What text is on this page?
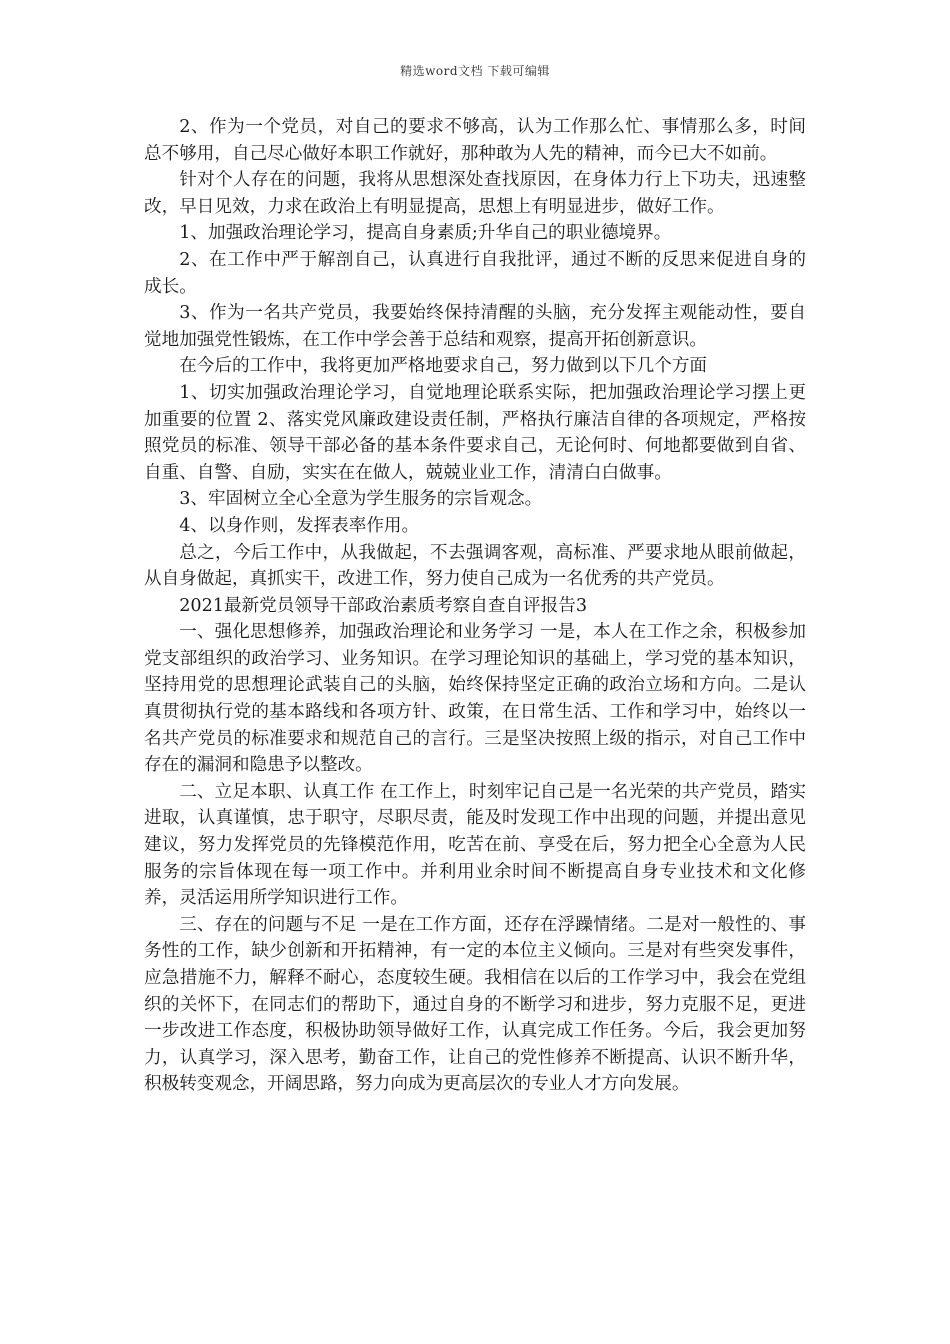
精选word文档 下载可编辑

2、作为一个党员，对自己的要求不够高，认为工作那么忙、事情那么多，时间总不够用，自己尽心做好本职工作就好，那种敢为人先的精神，而今已大不如前。

针对个人存在的问题，我将从思想深处查找原因，在身体力行上下功夫，迅速整改，早日见效，力求在政治上有明显提高，思想上有明显进步，做好工作。

1、加强政治理论学习，提高自身素质;升华自己的职业德境界。

2、在工作中严于解剖自己，认真进行自我批评，通过不断的反思来促进自身的成长。

3、作为一名共产党员，我要始终保持清醒的头脑，充分发挥主观能动性，要自觉地加强党性锻炼，在工作中学会善于总结和观察，提高开拓创新意识。

在今后的工作中，我将更加严格地要求自己，努力做到以下几个方面

1、切实加强政治理论学习，自觉地理论联系实际，把加强政治理论学习摆上更加重要的位置 2、落实党风廉政建设责任制，严格执行廉洁自律的各项规定，严格按照党员的标准、领导干部必备的基本条件要求自己，无论何时、何地都要做到自省、自重、自警、自励，实实在在做人，兢兢业业工作，清清白白做事。

3、牢固树立全心全意为学生服务的宗旨观念。

4、以身作则，发挥表率作用。

总之，今后工作中，从我做起，不去强调客观，高标准、严要求地从眼前做起，从自身做起，真抓实干，改进工作，努力使自己成为一名优秀的共产党员。

2021最新党员领导干部政治素质考察自查自评报告3

一、强化思想修养，加强政治理论和业务学习 一是，本人在工作之余，积极参加党支部组织的政治学习、业务知识。在学习理论知识的基础上，学习党的基本知识，坚持用党的思想理论武装自己的头脑，始终保持坚定正确的政治立场和方向。二是认真贯彻执行党的基本路线和各项方针、政策，在日常生活、工作和学习中，始终以一名共产党员的标准要求和规范自己的言行。三是坚决按照上级的指示，对自己工作中存在的漏洞和隐患予以整改。

二、立足本职、认真工作 在工作上，时刻牢记自己是一名光荣的共产党员，踏实进取，认真谨慎，忠于职守，尽职尽责，能及时发现工作中出现的问题，并提出意见建议，努力发挥党员的先锋模范作用，吃苦在前、享受在后，努力把全心全意为人民服务的宗旨体现在每一项工作中。并利用业余时间不断提高自身专业技术和文化修养，灵活运用所学知识进行工作。

三、存在的问题与不足 一是在工作方面，还存在浮躁情绪。二是对一般性的、事务性的工作，缺少创新和开拓精神，有一定的本位主义倾向。三是对有些突发事件，应急措施不力，解释不耐心，态度较生硬。我相信在以后的工作学习中，我会在党组织的关怀下，在同志们的帮助下，通过自身的不断学习和进步，努力克服不足，更进一步改进工作态度，积极协助领导做好工作，认真完成工作任务。今后，我会更加努力，认真学习，深入思考，勤奋工作，让自己的党性修养不断提高、认识不断升华，积极转变观念，开阔思路，努力向成为更高层次的专业人才方向发展。
